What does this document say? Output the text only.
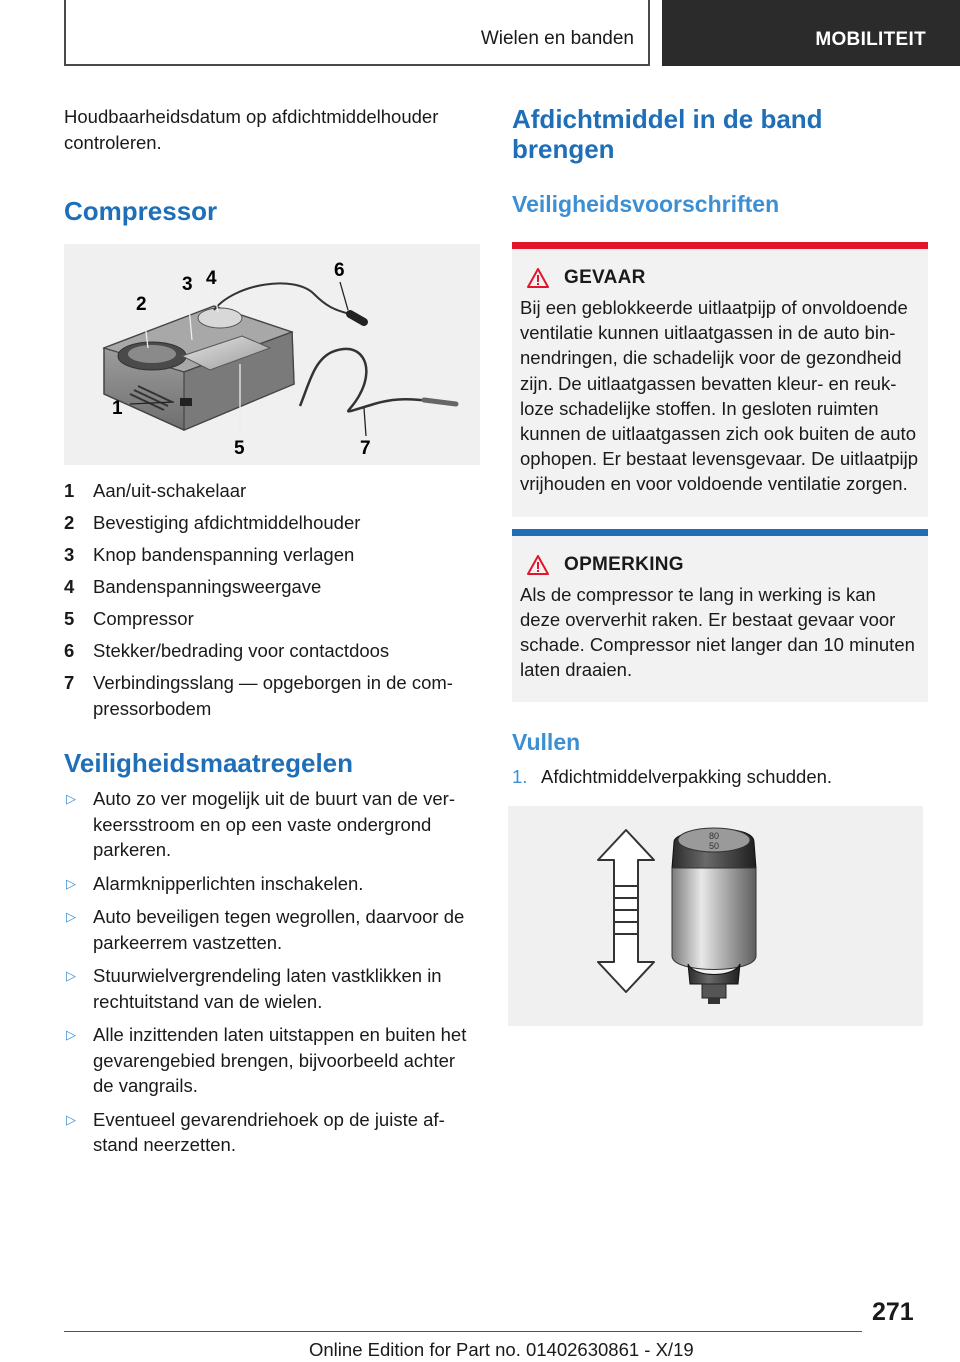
Wielen en banden	MOBILITEIT

Houdbaarheidsdatum op afdichtmiddelhouder controleren.

Compressor
1
2
3 4
5
6
7
1	Aan/uit-schakelaar
2	Bevestiging afdichtmiddelhouder
3	Knop bandenspanning verlagen
4	Bandenspanningsweergave
5	Compressor
6	Stekker/bedrading voor contactdoos
7	Verbindingsslang — opgeborgen in de compressorbodem
Veiligheidsmaatregelen
▷ Auto zo ver mogelijk uit de buurt van de verkeersstroom en op een vaste ondergrond parkeren.
▷ Alarmknipperlichten inschakelen.
▷ Auto beveiligen tegen wegrollen, daarvoor de parkeerrem vastzetten.
▷ Stuurwielvergrendeling laten vastklikken in rechtuitstand van de wielen.
▷ Alle inzittenden laten uitstappen en buiten het gevarengebied brengen, bijvoorbeeld achter de vangrails.
▷ Eventueel gevarendriehoek op de juiste afstand neerzetten.
Afdichtmiddel in de band brengen
Veiligheidsvoorschriften
GEVAAR

Bij een geblokkeerde uitlaatpijp of onvoldoende ventilatie kunnen uitlaatgassen in de auto binnendringen, die schadelijk voor de gezondheid zijn. De uitlaatgassen bevatten kleur- en reukloze schadelijke stoffen. In gesloten ruimten kunnen de uitlaatgassen zich ook buiten de auto ophopen. Er bestaat levensgevaar. De uitlaatpijp vrijhouden en voor voldoende ventilatie zorgen.

OPMERKING

Als de compressor te lang in werking is kan deze oververhit raken. Er bestaat gevaar voor schade. Compressor niet langer dan 10 minuten laten draaien.

Vullen
1. Afdichtmiddelverpakking schudden.
80
50
271
Online Edition for Part no. 01402630861 - X/19
